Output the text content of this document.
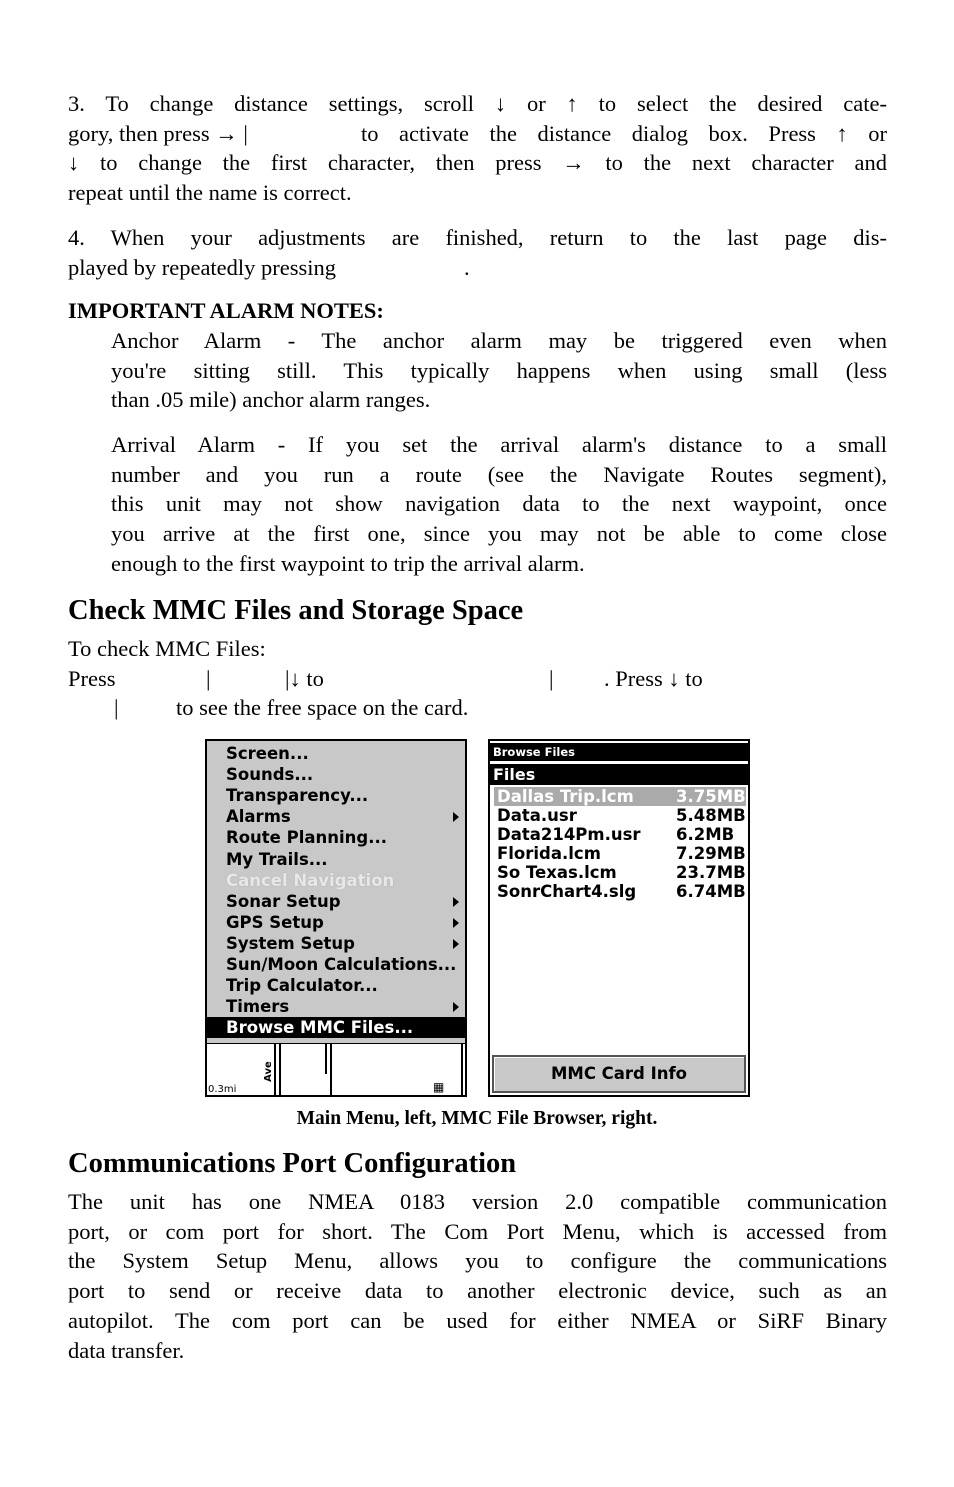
3. To change distance settings, scroll ↓ or ↑ to select the desired cate-
gory, then press → |	to activate the distance dialog box. Press ↑ or
↓ to change the first character, then press → to the next character and
repeat until the name is correct.
4. When your adjustments are finished, return to the last page dis-
played by repeatedly pressing	.
IMPORTANT ALARM NOTES:
Anchor Alarm - The anchor alarm may be triggered even when
you're sitting still. This typically happens when using small (less
than .05 mile) anchor alarm ranges.
Arrival Alarm - If you set the arrival alarm's distance to a small
number and you run a route (see the Navigate Routes segment),
this unit may not show navigation data to the next waypoint, once
you arrive at the first one, since you may not be able to come close
enough to the first waypoint to trip the arrival alarm.
Check MMC Files and Storage Space
To check MMC Files:
Press	|	|↓ to	| . Press ↓ to
|	to see the free space on the card.
Screen...
Sounds...
Transparency...
Alarms
Route Planning...
My Trails...
Cancel Navigation
Sonar Setup
GPS Setup
System Setup
Sun/Moon Calculations...
Trip Calculator...
Timers
Browse MMC Files...
0.3mi
Ave
▦
Browse Files
Files
Dallas Trip.lcm	3.75MB
Data.usr	5.48MB
Data214Pm.usr 6.2MB
Florida.lcm	7.29MB
So Texas.lcm	23.7MB
SonrChart4.slg 6.74MB
MMC Card Info
Main Menu, left, MMC File Browser, right.
Communications Port Configuration
The unit has one NMEA 0183 version 2.0 compatible communication
port, or com port for short. The Com Port Menu, which is accessed from
the System Setup Menu, allows you to configure the communications
port to send or receive data to another electronic device, such as an
autopilot. The com port can be used for either NMEA or SiRF Binary
data transfer.
